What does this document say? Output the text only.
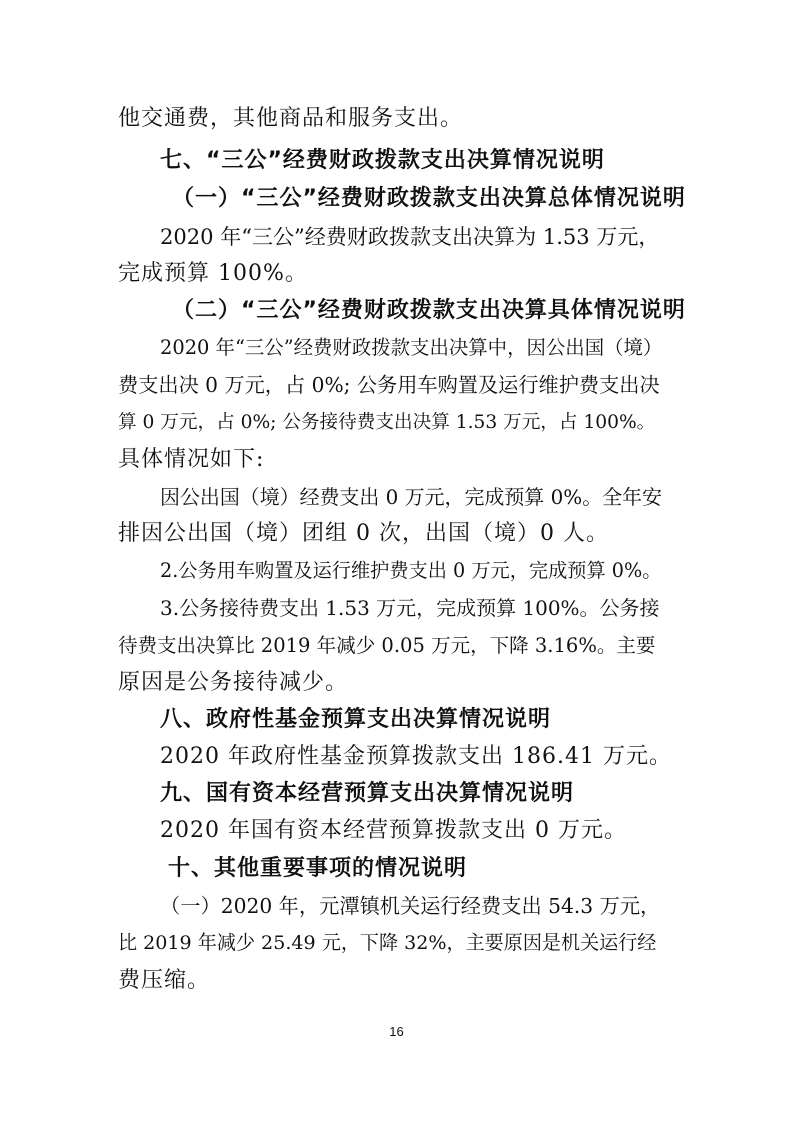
他交通费，其他商品和服务支出。
七、“三公”经费财政拨款支出决算情况说明
（一）“三公”经费财政拨款支出决算总体情况说明
2020 年“三公”经费财政拨款支出决算为 1.53 万元，
完成预算 100%。
（二）“三公”经费财政拨款支出决算具体情况说明
2020 年“三公”经费财政拨款支出决算中，因公出国（境）
费支出决 0 万元，占 0%; 公务用车购置及运行维护费支出决
算 0 万元，占 0%; 公务接待费支出决算 1.53 万元，占 100%。
具体情况如下:
因公出国（境）经费支出 0 万元，完成预算 0%。全年安
排因公出国（境）团组 0 次，出国（境）0 人。
2.公务用车购置及运行维护费支出 0 万元，完成预算 0%。
3.公务接待费支出 1.53 万元，完成预算 100%。公务接
待费支出决算比 2019 年减少 0.05 万元，下降 3.16%。主要
原因是公务接待减少。
八、政府性基金预算支出决算情况说明
2020 年政府性基金预算拨款支出 186.41 万元。
九、国有资本经营预算支出决算情况说明
2020 年国有资本经营预算拨款支出 0 万元。
十、其他重要事项的情况说明
（一）2020 年，元潭镇机关运行经费支出 54.3 万元，
比 2019 年减少 25.49 元，下降 32%，主要原因是机关运行经
费压缩。
16
